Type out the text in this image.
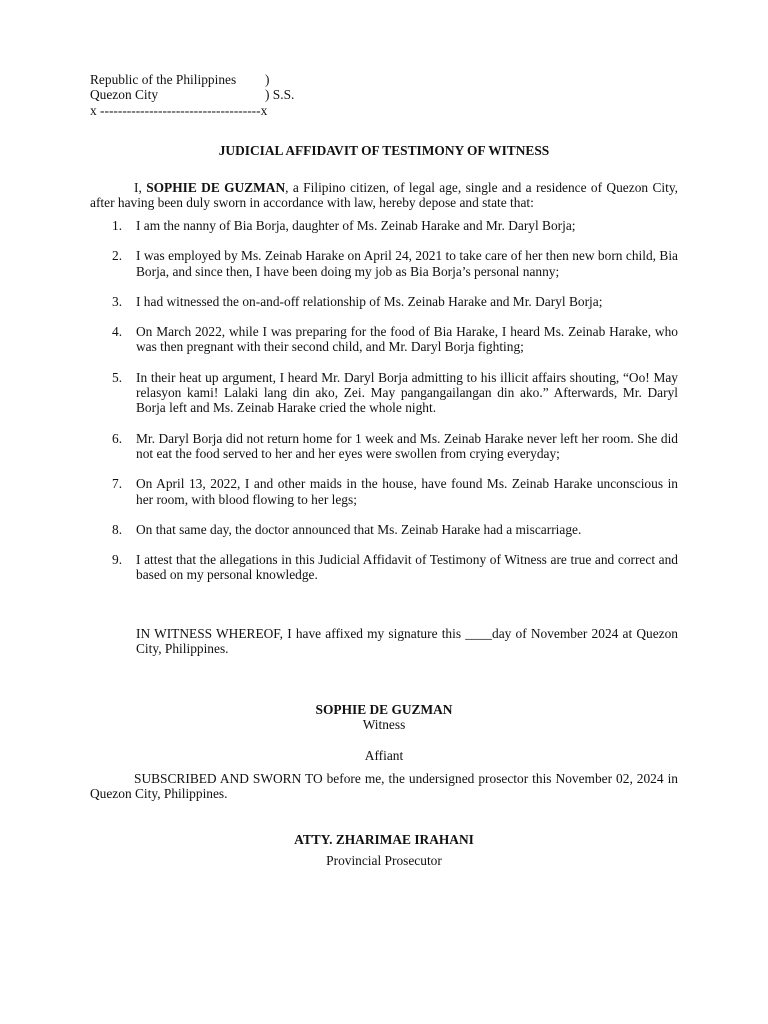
Republic of the Philippines )
Quezon City	) S.S.
x ------------------------------------x
JUDICIAL AFFIDAVIT OF TESTIMONY OF WITNESS
I, SOPHIE DE GUZMAN, a Filipino citizen, of legal age, single and a residence of Quezon City, after having been duly sworn in accordance with law, hereby depose and state that:
1. I am the nanny of Bia Borja, daughter of Ms. Zeinab Harake and Mr. Daryl Borja;
2. I was employed by Ms. Zeinab Harake on April 24, 2021 to take care of her then new born child, Bia Borja, and since then, I have been doing my job as Bia Borja’s personal nanny;
3. I had witnessed the on-and-off relationship of Ms. Zeinab Harake and Mr. Daryl Borja;
4. On March 2022, while I was preparing for the food of Bia Harake, I heard Ms. Zeinab Harake, who was then pregnant with their second child, and Mr. Daryl Borja fighting;
5. In their heat up argument, I heard Mr. Daryl Borja admitting to his illicit affairs shouting, “Oo! May relasyon kami! Lalaki lang din ako, Zei. May pangangailangan din ako.” Afterwards, Mr. Daryl Borja left and Ms. Zeinab Harake cried the whole night.
6. Mr. Daryl Borja did not return home for 1 week and Ms. Zeinab Harake never left her room. She did not eat the food served to her and her eyes were swollen from crying everyday;
7. On April 13, 2022, I and other maids in the house, have found Ms. Zeinab Harake unconscious in her room, with blood flowing to her legs;
8. On that same day, the doctor announced that Ms. Zeinab Harake had a miscarriage.
9. I attest that the allegations in this Judicial Affidavit of Testimony of Witness are true and correct and based on my personal knowledge.
IN WITNESS WHEREOF, I have affixed my signature this ____day of November 2024 at Quezon City, Philippines.
SOPHIE DE GUZMAN
Witness
Affiant
SUBSCRIBED AND SWORN TO before me, the undersigned prosector this November 02, 2024 in Quezon City, Philippines.
ATTY. ZHARIMAE IRAHANI
Provincial Prosecutor
